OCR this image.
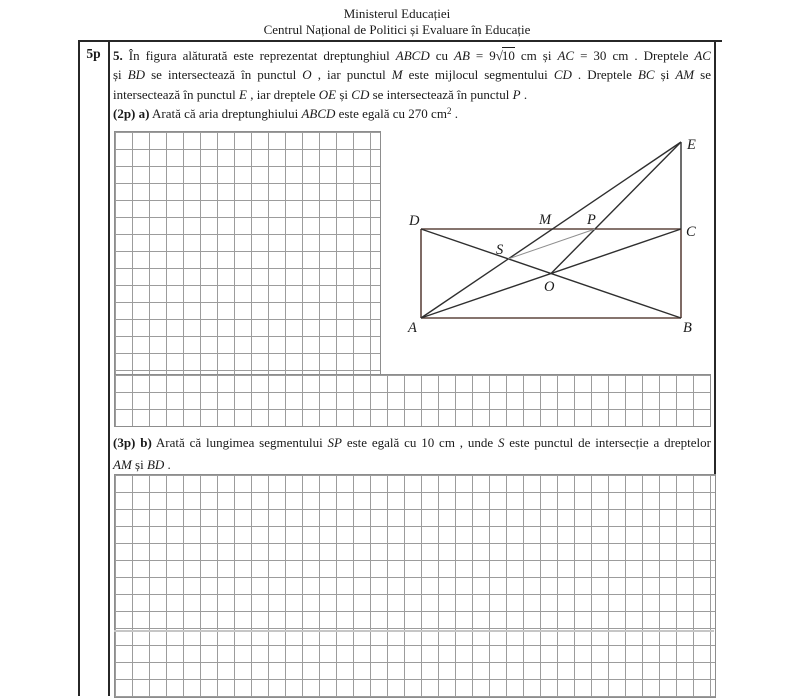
Ministerul Educației
Centrul Național de Politici și Evaluare în Educație
5p 5. În figura alăturată este reprezentat dreptunghiul ABCD cu AB = 9√10 cm și AC = 30 cm . Dreptele AC
și BD se intersectează în punctul O , iar punctul M este mijlocul segmentului CD . Dreptele BC și AM se
intersectează în punctul E , iar dreptele OE și CD se intersectează în punctul P .
(2p) a) Arată că aria dreptunghiului ABCD este egală cu 270 $cm^2$ .
A	B
C
D
E
M P
S
O
(3p) b) Arată că lungimea segmentului SP este egală cu 10 cm , unde S este punctul de intersecție a dreptelor
AM și BD .
